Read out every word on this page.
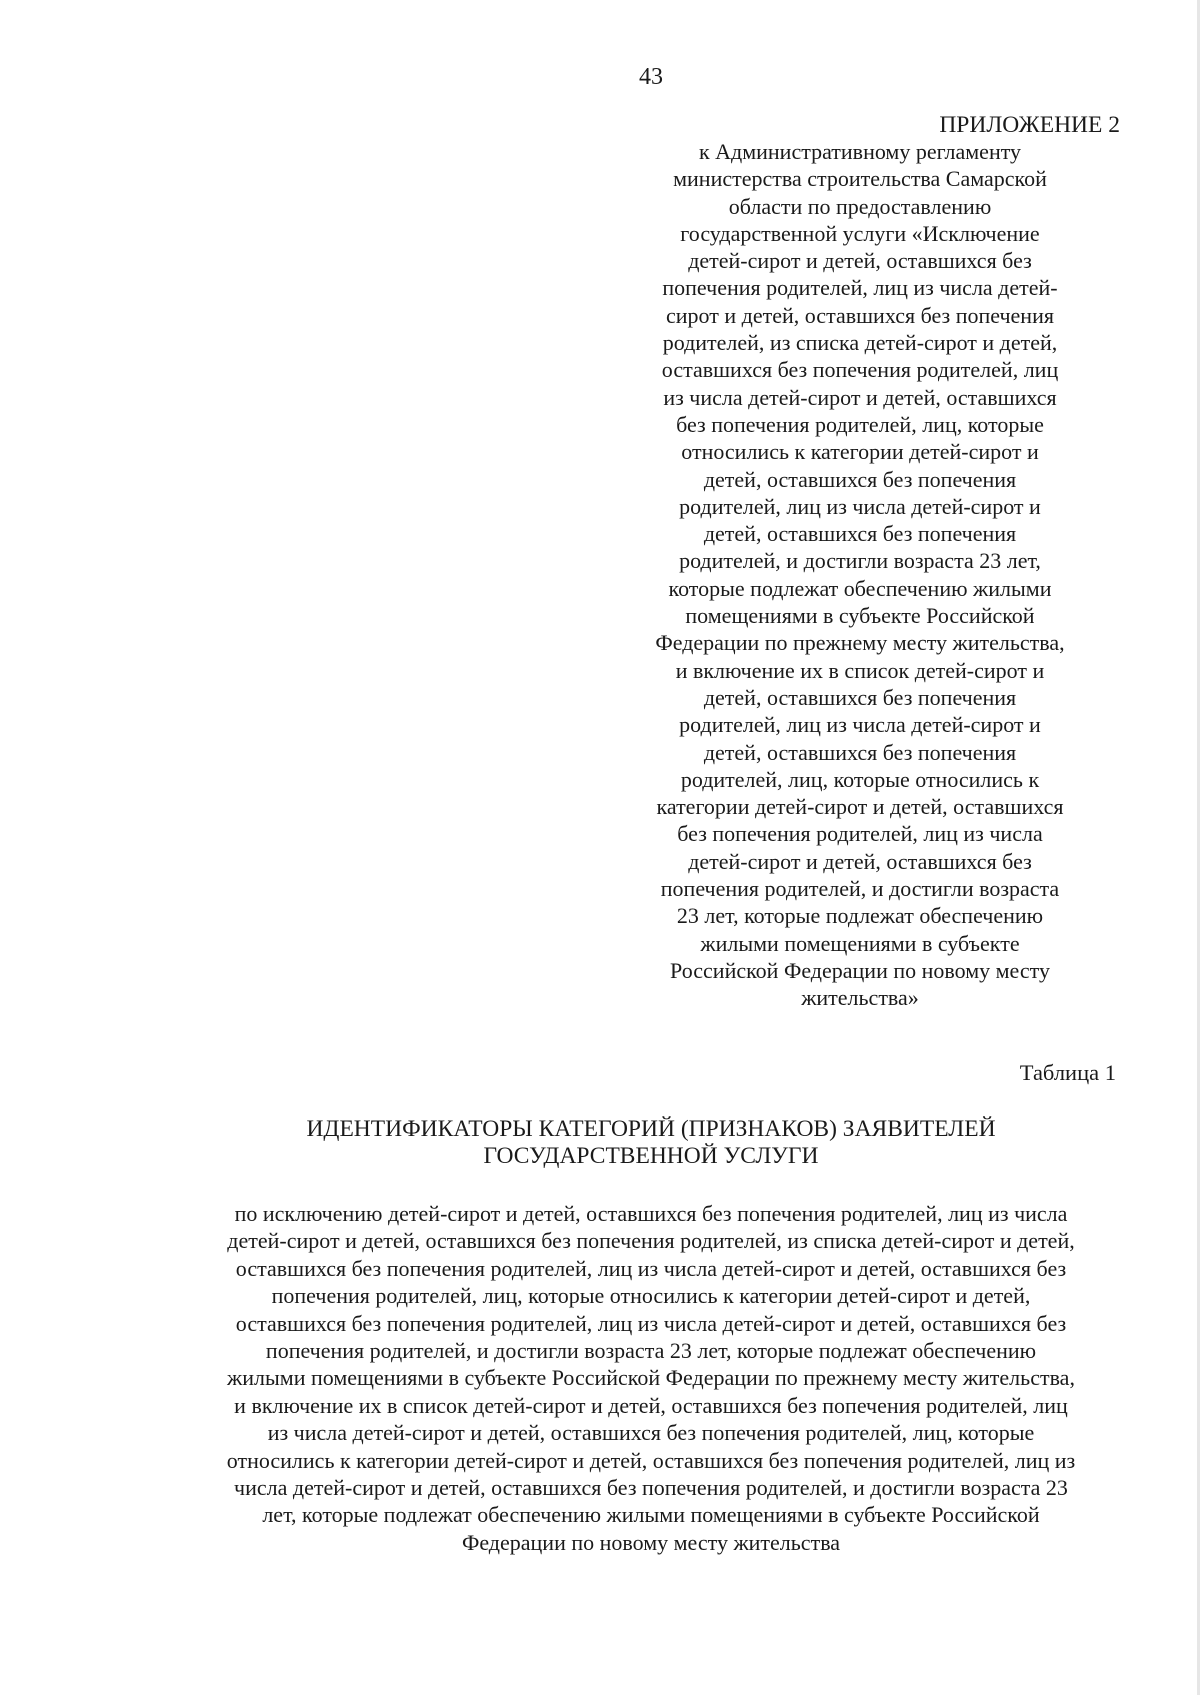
43

ПРИЛОЖЕНИЕ 2

к Административному регламенту
министерства строительства Самарской
области по предоставлению
государственной услуги «Исключение
детей-сирот и детей, оставшихся без
попечения родителей, лиц из числа детей-
сирот и детей, оставшихся без попечения
родителей, из списка детей-сирот и детей,
оставшихся без попечения родителей, лиц
из числа детей-сирот и детей, оставшихся
без попечения родителей, лиц, которые
относились к категории детей-сирот и
детей, оставшихся без попечения
родителей, лиц из числа детей-сирот и
детей, оставшихся без попечения
родителей, и достигли возраста 23 лет,
которые подлежат обеспечению жилыми
помещениями в субъекте Российской
Федерации по прежнему месту жительства,
и включение их в список детей-сирот и
детей, оставшихся без попечения
родителей, лиц из числа детей-сирот и
детей, оставшихся без попечения
родителей, лиц, которые относились к
категории детей-сирот и детей, оставшихся
без попечения родителей, лиц из числа
детей-сирот и детей, оставшихся без
попечения родителей, и достигли возраста
23 лет, которые подлежат обеспечению
жилыми помещениями в субъекте
Российской Федерации по новому месту
жительства»
Таблица 1
ИДЕНТИФИКАТОРЫ КАТЕГОРИЙ (ПРИЗНАКОВ) ЗАЯВИТЕЛЕЙ
ГОСУДАРСТВЕННОЙ УСЛУГИ
по исключению детей-сирот и детей, оставшихся без попечения родителей, лиц из числа
детей-сирот и детей, оставшихся без попечения родителей, из списка детей-сирот и детей,
оставшихся без попечения родителей, лиц из числа детей-сирот и детей, оставшихся без
попечения родителей, лиц, которые относились к категории детей-сирот и детей,
оставшихся без попечения родителей, лиц из числа детей-сирот и детей, оставшихся без
попечения родителей, и достигли возраста 23 лет, которые подлежат обеспечению
жилыми помещениями в субъекте Российской Федерации по прежнему месту жительства,
и включение их в список детей-сирот и детей, оставшихся без попечения родителей, лиц
из числа детей-сирот и детей, оставшихся без попечения родителей, лиц, которые
относились к категории детей-сирот и детей, оставшихся без попечения родителей, лиц из
числа детей-сирот и детей, оставшихся без попечения родителей, и достигли возраста 23
лет, которые подлежат обеспечению жилыми помещениями в субъекте Российской
Федерации по новому месту жительства
